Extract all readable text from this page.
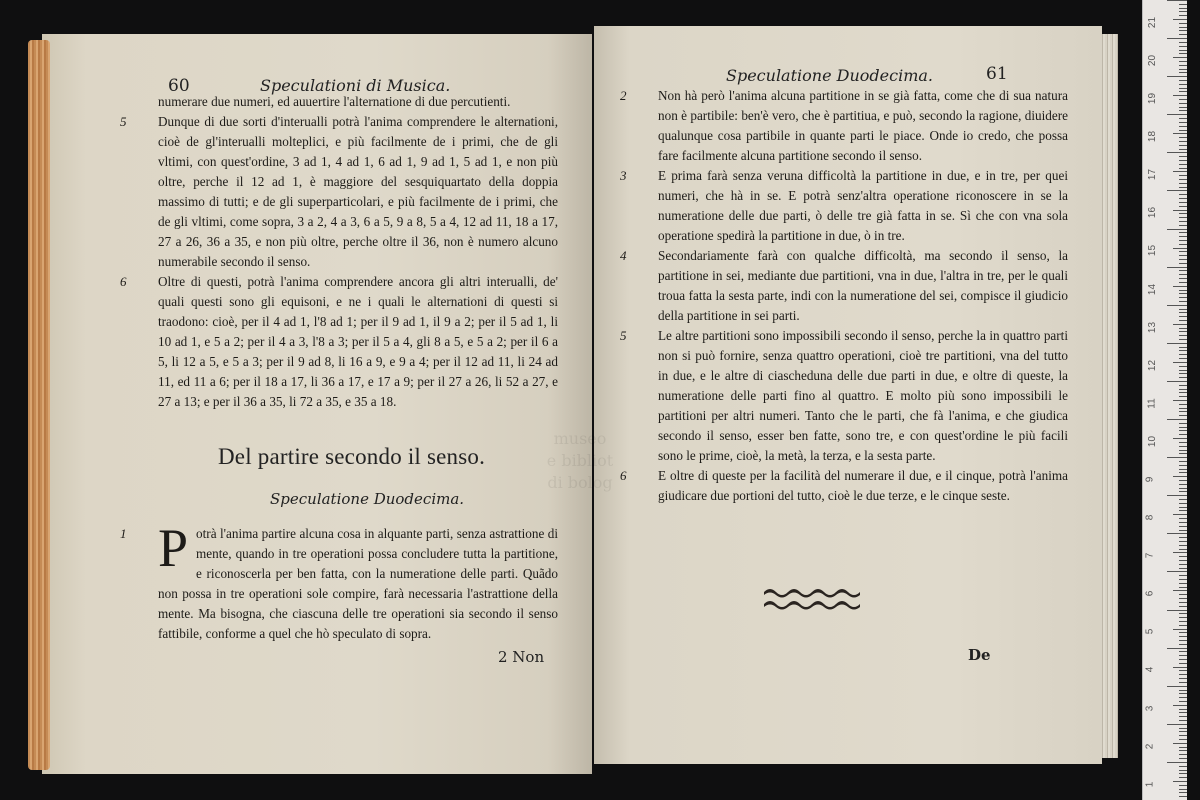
60	Speculationi di Musica.

numerare due numeri, ed auuertire l'alternatione di due percutienti.

5 Dunque di due sorti d'interualli potrà l'anima comprendere le alternationi, cioè de gl'interualli molteplici, e più facilmente de i primi, che de gli vltimi, con quest'ordine, 3 ad 1, 4 ad 1, 6 ad 1, 9 ad 1, 5 ad 1, e non più oltre, perche il 12 ad 1, è maggiore del sesquiquartato della doppia massimo di tutti; e de gli superparticolari, e più facilmente de i primi, che de gli vltimi, come sopra, 3 a 2, 4 a 3, 6 a 5, 9 a 8, 5 a 4, 12 ad 11, 18 a 17, 27 a 26, 36 a 35, e non più oltre, perche oltre il 36, non è numero alcuno numerabile secondo il senso.

6 Oltre di questi, potrà l'anima comprendere ancora gli altri interualli, de' quali questi sono gli equisoni, e ne i quali le alternationi di questi si traodono: cioè, per il 4 ad 1, l'8 ad 1; per il 9 ad 1, il 9 a 2; per il 5 ad 1, li 10 ad 1, e 5 a 2; per il 4 a 3, l'8 a 3; per il 5 a 4, gli 8 a 5, e 5 a 2; per il 6 a 5, li 12 a 5, e 5 a 3; per il 9 ad 8, li 16 a 9, e 9 a 4; per il 12 ad 11, li 24 ad 11, ed 11 a 6; per il 18 a 17, li 36 a 17, e 17 a 9; per il 27 a 26, li 52 a 27, e 27 a 13; e per il 36 a 35, li 72 a 35, e 35 a 18.

Del partire secondo il senso.
Speculatione Duodecima.

1 P otrà l'anima partire alcuna cosa in alquante parti, senza astrattione di mente, quando in tre operationi possa concludere tutta la partitione, e riconoscerla per ben fatta, con la numeratione delle parti. Quãdo non possa in tre operationi sole compire, farà necessaria l'astrattione della mente. Ma bisogna, che ciascuna delle tre operationi sia secondo il senso fattibile, conforme a quel che hò speculato di sopra.

2 Non
Speculatione Duodecima.	61

2 Non hà però l'anima alcuna partitione in se già fatta, come che di sua natura non è partibile: ben'è vero, che è partitiua, e può, secondo la ragione, diuidere qualunque cosa partibile in quante parti le piace. Onde io credo, che possa fare facilmente alcuna partitione secondo il senso.

3 E prima farà senza veruna difficoltà la partitione in due, e in tre, per quei numeri, che hà in se. E potrà senz'altra operatione riconoscere in se la numeratione delle due parti, ò delle tre già fatta in se. Sì che con vna sola operatione spedirà la partitione in due, ò in tre.

4 Secondariamente farà con qualche difficoltà, ma secondo il senso, la partitione in sei, mediante due partitioni, vna in due, l'altra in tre, per le quali troua fatta la sesta parte, indi con la numeratione del sei, compisce il giudicio della partitione in sei parti.

5 Le altre partitioni sono impossibili secondo il senso, perche la in quattro parti non si può fornire, senza quattro operationi, cioè tre partitioni, vna del tutto in due, e le altre di ciascheduna delle due parti in due, e oltre di queste, la numeratione delle parti fino al quattro. E molto più sono impossibili le partitioni per altri numeri. Tanto che le parti, che fà l'anima, e che giudica secondo il senso, esser ben fatte, sono tre, e con quest'ordine le più facili sono le prime, cioè, la metà, la terza, e la sesta parte.

6 E oltre di queste per la facilità del numerare il due, e il cinque, potrà l'anima giudicare due portioni del tutto, cioè le due terze, e le cinque seste.

De
museo
e bibliot
di bolog
21
20
19
18
17
16
15
14
13
12
11
10
9
8
7
6
5
4
3
2
1
